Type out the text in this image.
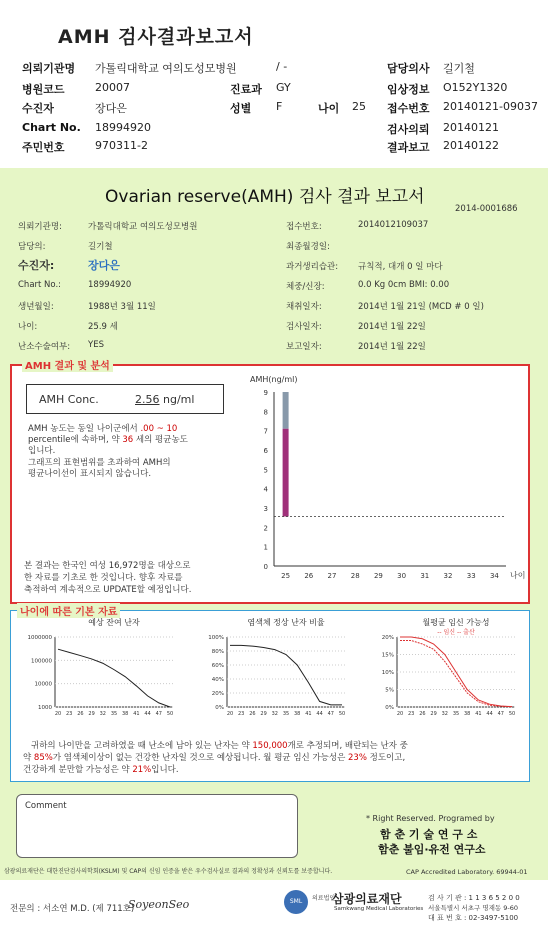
AMH 검사결과보고서
의뢰기관명 가톨릭대학교 여의도성모병원	/ -	담당의사 길기철
병원코드	20007	진료과 GY	임상정보 O152Y1320
수진자	장다은	성별 F	나이 25 접수번호 20140121-09037
Chart No. 18994920	검사의뢰 20140121
주민번호	970311-2	결과보고 20140122
Ovarian reserve(AMH) 검사 결과 보고서
2014-0001686
의뢰기관명:	가톨릭대학교 여의도성모병원
담당의:	길기철
수진자:	장다은
Chart No.:	18994920
생년월일:	1988년 3월 11일
나이:	25.9 세
난소수술여부: YES
접수번호:	2014012109037
최종월경일:
과거생리습관: 규칙적, 대개 0 일 마다
체중/신장:	0.0 Kg 0cm BMI: 0.00
채취일자:	2014년 1월 21일 (MCD # 0 일)
검사일자:	2014년 1월 22일
보고일자:	2014년 1월 22일
AMH 결과 및 분석
AMH Conc.	2.56 ng/ml
AMH 농도는 동일 나이군에서 .00 ~ 10
percentile에 속하며, 약 36 세의 평균농도
입니다.
그래프의 표현범위를 초과하여 AMH의
평균나이선이 표시되지 않습니다.
본 결과는 한국인 여성 16,972명을 대상으로
한 자료를 기초로 한 것입니다. 향후 자료를
축적하여 계속적으로 UPDATE할 예정입니다.
AMH(ng/ml)
0
1
2
3
4
5
6
7
8
9
25 26 27 28 29 30 31 32 33 34 나이
나이에 따른 기본 자료
예상 잔여 난자
1000000
100000
10000
1000
20 23 26 29 32 35 38 41 44 47 50
염색체 정상 난자 비율
100%
80%
60%
40%
20%
0%
20 23 26 29 32 35 38 41 44 47 50
월평균 임신 가능성
20%
15%
10%
5%
0%
20 23 26 29 32 35 38 41 44 47 50
-- 임신 -- 출산
귀하의 나이만을 고려하였을 때 난소에 남아 있는 난자는 약 150,000개로 추정되며, 배란되는 난자 중
약 85%가 염색체이상이 없는 건강한 난자일 것으로 예상됩니다. 월 평균 임신 가능성은 23% 정도이고,
건강하게 분만할 가능성은 약 21%입니다.
Comment
* Right Reserved. Programed by
함 춘 기 술 연 구 소
함춘 불임·유전 연구소
삼광의료재단은 대한진단검사의학회(KSLM) 및 CAP의 신임 인증을 받은 우수검사실로 결과의 정확성과 신뢰도를 보증합니다.	CAP Accredited Laboratory. 69944-01
전문의 : 서소연 M.D. (제 711호)
SoyeonSeo	SML	의료법인
삼광의료재단
Samkwang Medical Laboratories
검 사 기 관 : 1 1 3 6 5 2 0 0
서울특별시 서초구 명재동 9-60
대 표 번 호 : 02-3497-5100
